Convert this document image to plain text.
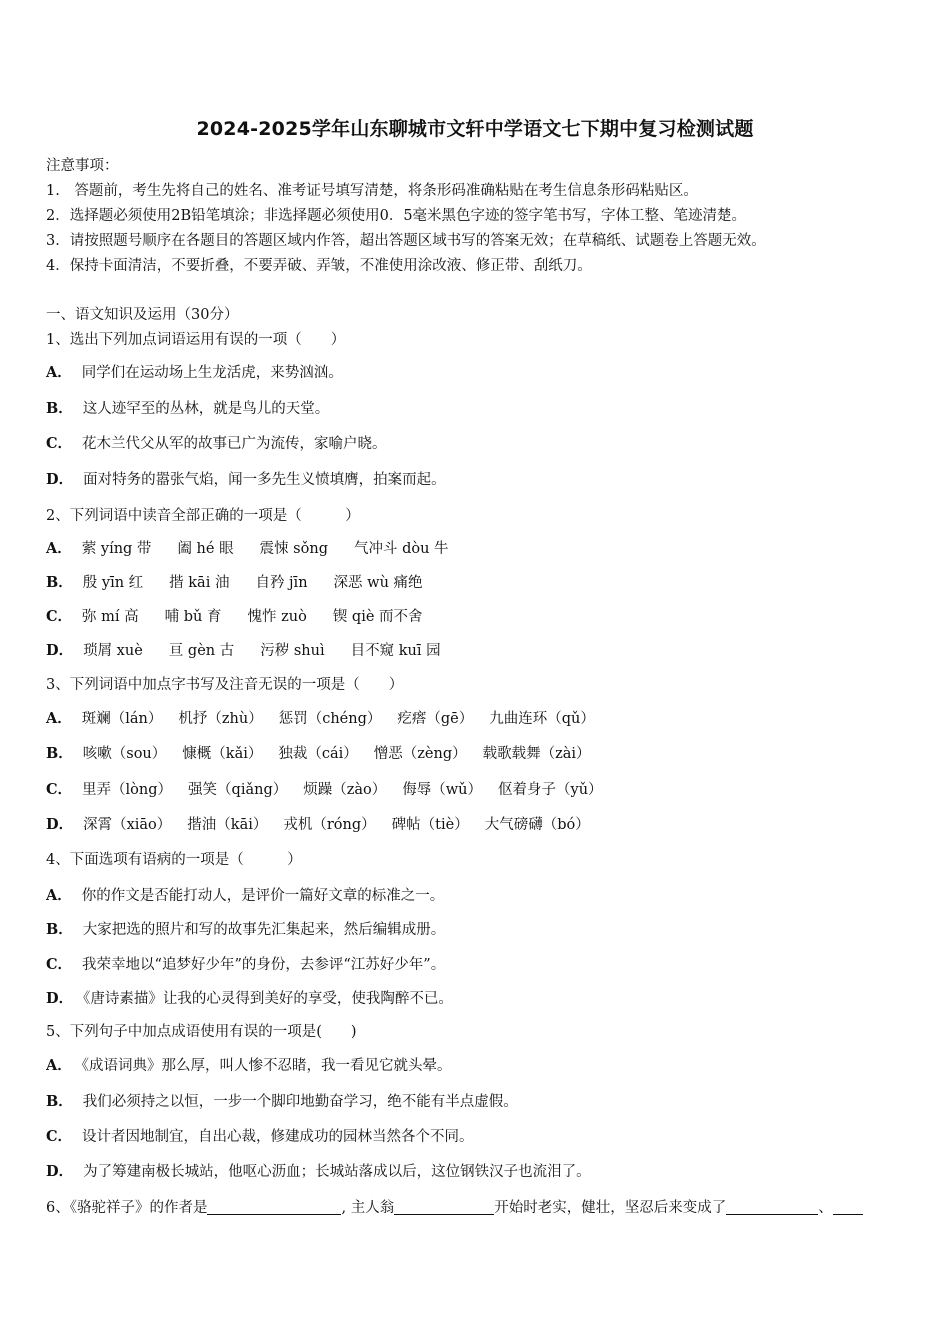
2024-2025学年山东聊城市文轩中学语文七下期中复习检测试题
注意事项：
1.　答题前，考生先将自己的姓名、准考证号填写清楚，将条形码准确粘贴在考生信息条形码粘贴区。
2．选择题必须使用2B铅笔填涂；非选择题必须使用0．5毫米黑色字迹的签字笔书写，字体工整、笔迹清楚。
3．请按照题号顺序在各题目的答题区域内作答，超出答题区域书写的答案无效；在草稿纸、试题卷上答题无效。
4．保持卡面清洁，不要折叠，不要弄破、弄皱，不准使用涂改液、修正带、刮纸刀。
一、语文知识及运用（30分）
1、选出下列加点词语运用有误的一项（　　）
A． 同学们在运动场上生龙活虎，来势汹汹。
B． 这人迹罕至的丛林，就是鸟儿的天堂。
C． 花木兰代父从军的故事已广为流传，家喻户晓。
D． 面对特务的嚣张气焰，闻一多先生义愤填膺，拍案而起。
2、下列词语中读音全部正确的一项是（　　　）
A． 萦 yíng 带 阖 hé 眼 震悚 sǒng 气冲斗 dòu 牛
B． 殷 yīn 红 揩 kāi 油 自矜 jīn 深恶 wù 痛绝
C． 弥 mí 高 哺 bǔ 育 愧怍 zuò 锲 qiè 而不舍
D． 琐屑 xuè 亘 gèn 古 污秽 shuì 目不窥 kuī 园
3、下列词语中加点字书写及注音无误的一项是（　　）
A． 斑斓（lán） 机抒（zhù） 惩罚（chéng） 疙瘩（gē） 九曲连环（qǔ）
B． 咳嗽（sou） 慷概（kǎi） 独裁（cái） 憎恶（zèng） 载歌载舞（zài）
C． 里弄（lòng） 强笑（qiǎng） 烦躁（zào） 侮辱（wǔ） 伛着身子（yǔ）
D． 深霄（xiāo） 揩油（kāi） 戎机（róng） 碑帖（tiè） 大气磅礴（bó）
4、下面选项有语病的一项是（　　　）
A． 你的作文是否能打动人，是评价一篇好文章的标准之一。
B． 大家把选的照片和写的故事先汇集起来，然后编辑成册。
C． 我荣幸地以“追梦好少年”的身份，去参评“江苏好少年”。
D． 《唐诗素描》让我的心灵得到美好的享受，使我陶醉不已。
5、下列句子中加点成语使用有误的一项是(　　)
A． 《成语词典》那么厚，叫人惨不忍睹，我一看见它就头晕。
B． 我们必须持之以恒，一步一个脚印地勤奋学习，绝不能有半点虚假。
C． 设计者因地制宜，自出心裁，修建成功的园林当然各个不同。
D． 为了筹建南极长城站，他呕心沥血；长城站落成以后，这位钢铁汉子也流泪了。
6、《骆驼祥子》的作者是	, 主人翁	开始时老实，健壮，坚忍后来变成了	、
